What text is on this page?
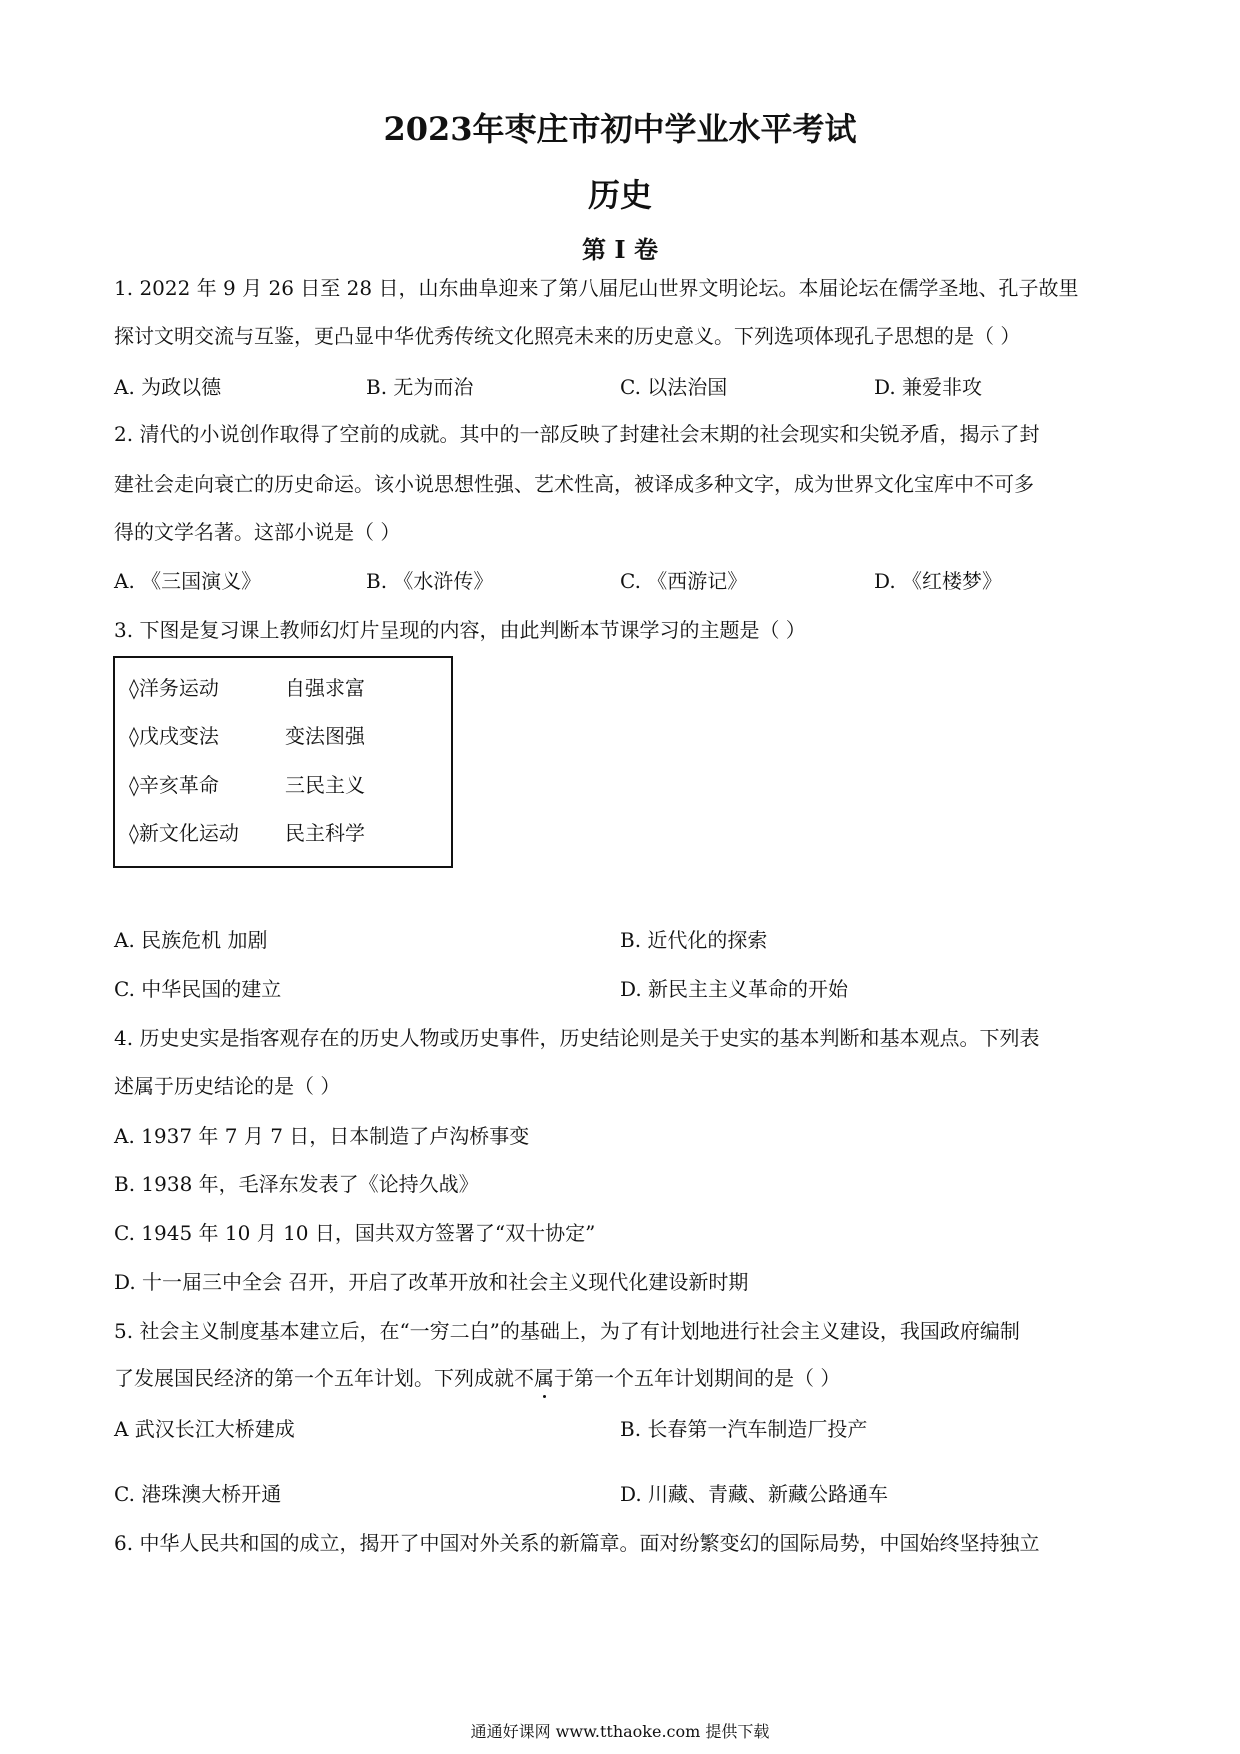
2023年枣庄市初中学业水平考试
历史
第 I 卷
1. 2022 年 9 月 26 日至 28 日，山东曲阜迎来了第八届尼山世界文明论坛。本届论坛在儒学圣地、孔子故里
探讨文明交流与互鉴，更凸显中华优秀传统文化照亮未来的历史意义。下列选项体现孔子思想的是（ ）
A. 为政以德	B. 无为而治	C. 以法治国	D. 兼爱非攻
2. 清代的小说创作取得了空前的成就。其中的一部反映了封建社会末期的社会现实和尖锐矛盾，揭示了封
建社会走向衰亡的历史命运。该小说思想性强、艺术性高，被译成多种文字，成为世界文化宝库中不可多
得的文学名著。这部小说是（ ）
A. 《三国演义》	B. 《水浒传》	C. 《西游记》	D. 《红楼梦》
3. 下图是复习课上教师幻灯片呈现的内容，由此判断本节课学习的主题是（ ）
◊洋务运动	自强求富
◊戊戌变法	变法图强
◊辛亥革命	三民主义
◊新文化运动 民主科学
A. 民族危机 加剧	B. 近代化的探索
C. 中华民国的建立	D. 新民主主义革命的开始
4. 历史史实是指客观存在的历史人物或历史事件，历史结论则是关于史实的基本判断和基本观点。下列表
述属于历史结论的是（ ）
A. 1937 年 7 月 7 日，日本制造了卢沟桥事变
B. 1938 年，毛泽东发表了《论持久战》
C. 1945 年 10 月 10 日，国共双方签署了“双十协定”
D. 十一届三中全会 召开，开启了改革开放和社会主义现代化建设新时期
5. 社会主义制度基本建立后，在“一穷二白”的基础上，为了有计划地进行社会主义建设，我国政府编制
了发展国民经济的第一个五年计划。下列成就不属于第一个五年计划期间的是（ ）
A 武汉长江大桥建成	B. 长春第一汽车制造厂投产
C. 港珠澳大桥开通	D. 川藏、青藏、新藏公路通车
6. 中华人民共和国的成立，揭开了中国对外关系的新篇章。面对纷繁变幻的国际局势，中国始终坚持独立
通通好课网 www.tthaoke.com 提供下载
